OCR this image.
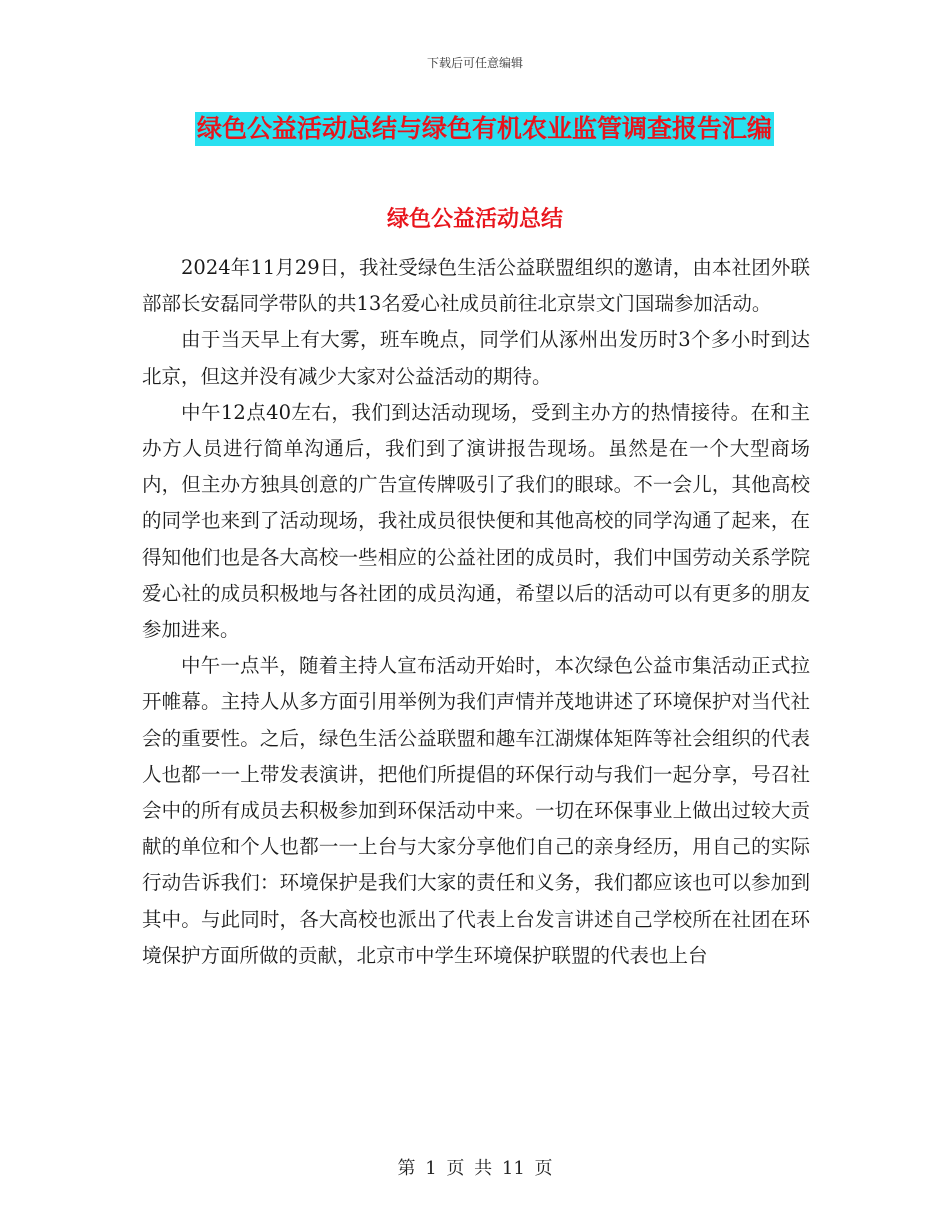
下载后可任意编辑
绿色公益活动总结与绿色有机农业监管调查报告汇编
绿色公益活动总结

2024年11月29日，我社受绿色生活公益联盟组织的邀请，由本社团外联部部长安磊同学带队的共13名爱心社成员前往北京崇文门国瑞参加活动。

由于当天早上有大雾，班车晚点，同学们从涿州出发历时3个多小时到达北京，但这并没有减少大家对公益活动的期待。

中午12点40左右，我们到达活动现场，受到主办方的热情接待。在和主办方人员进行简单沟通后，我们到了演讲报告现场。虽然是在一个大型商场内，但主办方独具创意的广告宣传牌吸引了我们的眼球。不一会儿，其他高校的同学也来到了活动现场，我社成员很快便和其他高校的同学沟通了起来，在得知他们也是各大高校一些相应的公益社团的成员时，我们中国劳动关系学院爱心社的成员积极地与各社团的成员沟通，希望以后的活动可以有更多的朋友参加进来。

中午一点半，随着主持人宣布活动开始时，本次绿色公益市集活动正式拉开帷幕。主持人从多方面引用举例为我们声情并茂地讲述了环境保护对当代社会的重要性。之后，绿色生活公益联盟和趣车江湖煤体矩阵等社会组织的代表人也都一一上带发表演讲，把他们所提倡的环保行动与我们一起分享，号召社会中的所有成员去积极参加到环保活动中来。一切在环保事业上做出过较大贡献的单位和个人也都一一上台与大家分享他们自己的亲身经历，用自己的实际行动告诉我们：环境保护是我们大家的责任和义务，我们都应该也可以参加到其中。与此同时，各大高校也派出了代表上台发言讲述自己学校所在社团在环境保护方面所做的贡献，北京市中学生环境保护联盟的代表也上台

第 1 页 共 11 页
